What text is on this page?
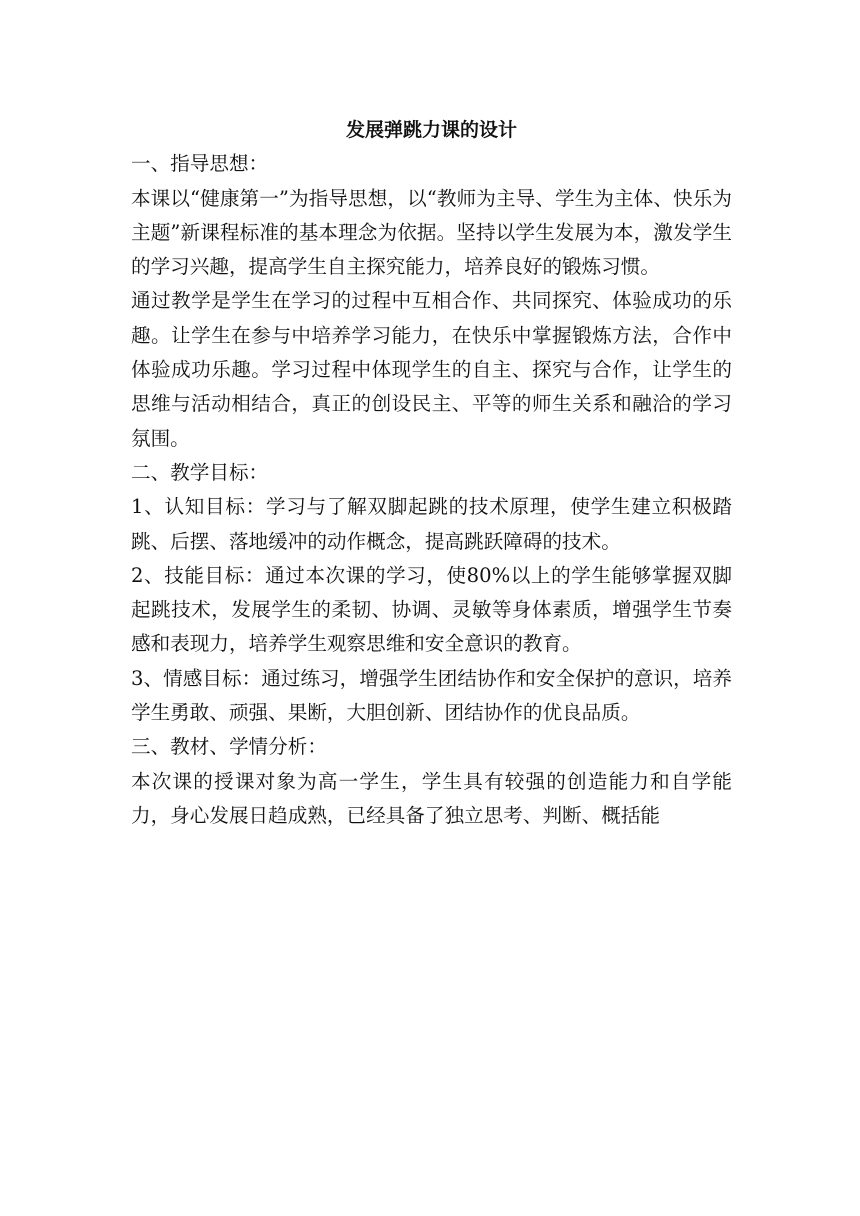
发展弹跳力课的设计

一、指导思想：

本课以“健康第一”为指导思想，以“教师为主导、学生为主体、快乐为主题”新课程标准的基本理念为依据。坚持以学生发展为本，激发学生的学习兴趣，提高学生自主探究能力，培养良好的锻炼习惯。

通过教学是学生在学习的过程中互相合作、共同探究、体验成功的乐趣。让学生在参与中培养学习能力，在快乐中掌握锻炼方法，合作中体验成功乐趣。学习过程中体现学生的自主、探究与合作，让学生的思维与活动相结合，真正的创设民主、平等的师生关系和融洽的学习氛围。

二、教学目标：

1、认知目标：学习与了解双脚起跳的技术原理，使学生建立积极踏跳、后摆、落地缓冲的动作概念，提高跳跃障碍的技术。

2、技能目标：通过本次课的学习，使80%以上的学生能够掌握双脚起跳技术，发展学生的柔韧、协调、灵敏等身体素质，增强学生节奏感和表现力，培养学生观察思维和安全意识的教育。

3、情感目标：通过练习，增强学生团结协作和安全保护的意识，培养学生勇敢、顽强、果断，大胆创新、团结协作的优良品质。

三、教材、学情分析：

本次课的授课对象为高一学生，学生具有较强的创造能力和自学能力，身心发展日趋成熟，已经具备了独立思考、判断、概括能
